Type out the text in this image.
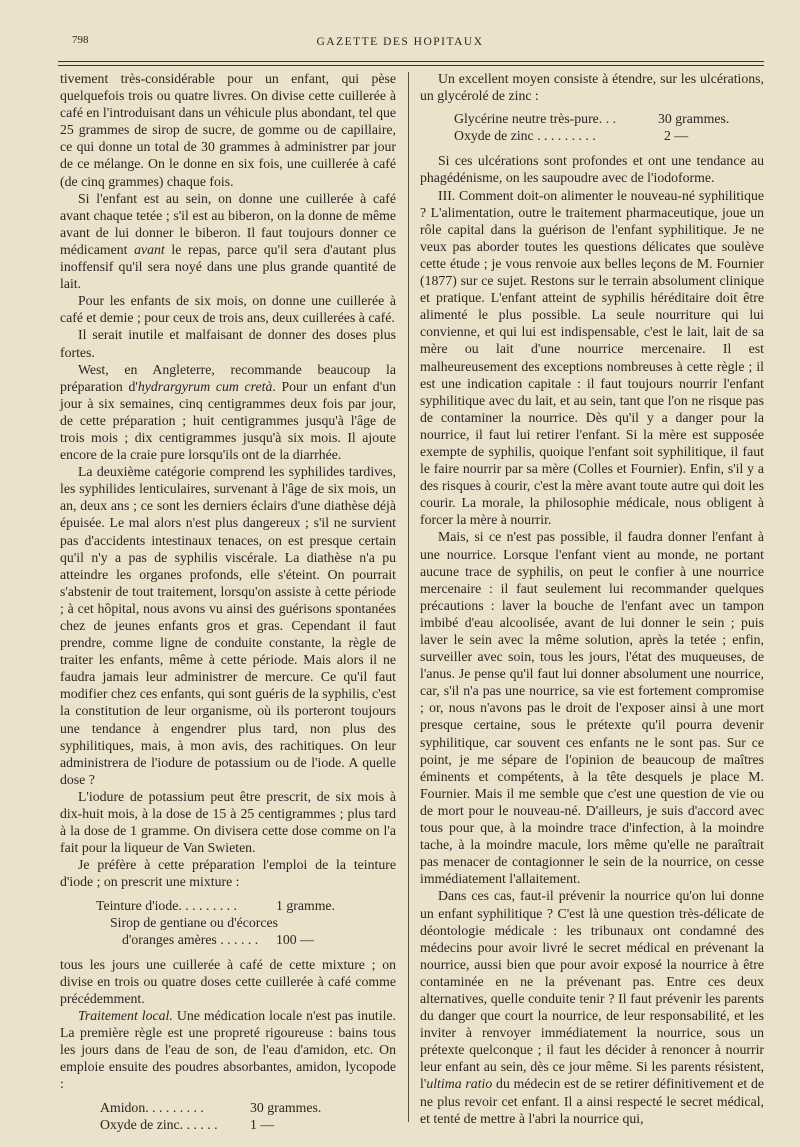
798	GAZETTE DES HOPITAUX

tivement très-considérable pour un enfant, qui pèse quelquefois trois ou quatre livres. On divise cette cuillerée à café en l'introduisant dans un véhicule plus abondant, tel que 25 grammes de sirop de sucre, de gomme ou de capillaire, ce qui donne un total de 30 grammes à administrer par jour de ce mélange. On le donne en six fois, une cuillerée à café (de cinq grammes) chaque fois.

Si l'enfant est au sein, on donne une cuillerée à café avant chaque tetée ; s'il est au biberon, on la donne de même avant de lui donner le biberon. Il faut toujours donner ce médicament avant le repas, parce qu'il sera d'autant plus inoffensif qu'il sera noyé dans une plus grande quantité de lait.

Pour les enfants de six mois, on donne une cuillerée à café et demie ; pour ceux de trois ans, deux cuillerées à café.

Il serait inutile et malfaisant de donner des doses plus fortes.

West, en Angleterre, recommande beaucoup la préparation d'hydrargyrum cum cretà. Pour un enfant d'un jour à six semaines, cinq centigrammes deux fois par jour, de cette préparation ; huit centigrammes jusqu'à l'âge de trois mois ; dix centigrammes jusqu'à six mois. Il ajoute encore de la craie pure lorsqu'ils ont de la diarrhée.

La deuxième catégorie comprend les syphilides tardives, les syphilides lenticulaires, survenant à l'âge de six mois, un an, deux ans ; ce sont les derniers éclairs d'une diathèse déjà épuisée. Le mal alors n'est plus dangereux ; s'il ne survient pas d'accidents intestinaux tenaces, on est presque certain qu'il n'y a pas de syphilis viscérale. La diathèse n'a pu atteindre les organes profonds, elle s'éteint. On pourrait s'abstenir de tout traitement, lorsqu'on assiste à cette période ; à cet hôpital, nous avons vu ainsi des guérisons spontanées chez de jeunes enfants gros et gras. Cependant il faut prendre, comme ligne de conduite constante, la règle de traiter les enfants, même à cette période. Mais alors il ne faudra jamais leur administrer de mercure. Ce qu'il faut modifier chez ces enfants, qui sont guéris de la syphilis, c'est la constitution de leur organisme, où ils porteront toujours une tendance à engendrer plus tard, non plus des syphilitiques, mais, à mon avis, des rachitiques. On leur administrera de l'iodure de potassium ou de l'iode. A quelle dose ?

L'iodure de potassium peut être prescrit, de six mois à dix-huit mois, à la dose de 15 à 25 centigrammes ; plus tard à la dose de 1 gramme. On divisera cette dose comme on l'a fait pour la liqueur de Van Swieten.

Je préfère à cette préparation l'emploi de la teinture d'iode ; on prescrit une mixture :

Teinture d'iode. . . . . . . . .	1 gramme.
Sirop de gentiane ou d'écorces
d'oranges amères . . . . . .	100 —

tous les jours une cuillerée à café de cette mixture ; on divise en trois ou quatre doses cette cuillerée à café comme précédemment.

Traitement local. Une médication locale n'est pas inutile. La première règle est une propreté rigoureuse : bains tous les jours dans de l'eau de son, de l'eau d'amidon, etc. On emploie ensuite des poudres absorbantes, amidon, lycopode :

Amidon. . . . . . . . .	30 grammes.
Oxyde de zinc. . . . . .	1 —

Un excellent moyen consiste à étendre, sur les ulcérations, un glycérolé de zinc :

Glycérine neutre très-pure. . .	30 grammes.
Oxyde de zinc . . . . . . . . .	2 —

Si ces ulcérations sont profondes et ont une tendance au phagédénisme, on les saupoudre avec de l'iodoforme.

III. Comment doit-on alimenter le nouveau-né syphilitique ? L'alimentation, outre le traitement pharmaceutique, joue un rôle capital dans la guérison de l'enfant syphilitique. Je ne veux pas aborder toutes les questions délicates que soulève cette étude ; je vous renvoie aux belles leçons de M. Fournier (1877) sur ce sujet. Restons sur le terrain absolument clinique et pratique. L'enfant atteint de syphilis héréditaire doit être alimenté le plus possible. La seule nourriture qui lui convienne, et qui lui est indispensable, c'est le lait, lait de sa mère ou lait d'une nourrice mercenaire. Il est malheureusement des exceptions nombreuses à cette règle ; il est une indication capitale : il faut toujours nourrir l'enfant syphilitique avec du lait, et au sein, tant que l'on ne risque pas de contaminer la nourrice. Dès qu'il y a danger pour la nourrice, il faut lui retirer l'enfant. Si la mère est supposée exempte de syphilis, quoique l'enfant soit syphilitique, il faut le faire nourrir par sa mère (Colles et Fournier). Enfin, s'il y a des risques à courir, c'est la mère avant toute autre qui doit les courir. La morale, la philosophie médicale, nous obligent à forcer la mère à nourrir.

Mais, si ce n'est pas possible, il faudra donner l'enfant à une nourrice. Lorsque l'enfant vient au monde, ne portant aucune trace de syphilis, on peut le confier à une nourrice mercenaire : il faut seulement lui recommander quelques précautions : laver la bouche de l'enfant avec un tampon imbibé d'eau alcoolisée, avant de lui donner le sein ; puis laver le sein avec la même solution, après la tetée ; enfin, surveiller avec soin, tous les jours, l'état des muqueuses, de l'anus. Je pense qu'il faut lui donner absolument une nourrice, car, s'il n'a pas une nourrice, sa vie est fortement compromise ; or, nous n'avons pas le droit de l'exposer ainsi à une mort presque certaine, sous le prétexte qu'il pourra devenir syphilitique, car souvent ces enfants ne le sont pas. Sur ce point, je me sépare de l'opinion de beaucoup de maîtres éminents et compétents, à la tête desquels je place M. Fournier. Mais il me semble que c'est une question de vie ou de mort pour le nouveau-né. D'ailleurs, je suis d'accord avec tous pour que, à la moindre trace d'infection, à la moindre tache, à la moindre macule, lors même qu'elle ne paraîtrait pas menacer de contagionner le sein de la nourrice, on cesse immédiatement l'allaitement.

Dans ces cas, faut-il prévenir la nourrice qu'on lui donne un enfant syphilitique ? C'est là une question très-délicate de déontologie médicale : les tribunaux ont condamné des médecins pour avoir livré le secret médical en prévenant la nourrice, aussi bien que pour avoir exposé la nourrice à être contaminée en ne la prévenant pas. Entre ces deux alternatives, quelle conduite tenir ? Il faut prévenir les parents du danger que court la nourrice, de leur responsabilité, et les inviter à renvoyer immédiatement la nourrice, sous un prétexte quelconque ; il faut les décider à renoncer à nourrir leur enfant au sein, dès ce jour même. Si les parents résistent, l'ultima ratio du médecin est de se retirer définitivement et de ne plus revoir cet enfant. Il a ainsi respecté le secret médical, et tenté de mettre à l'abri la nourrice qui,
